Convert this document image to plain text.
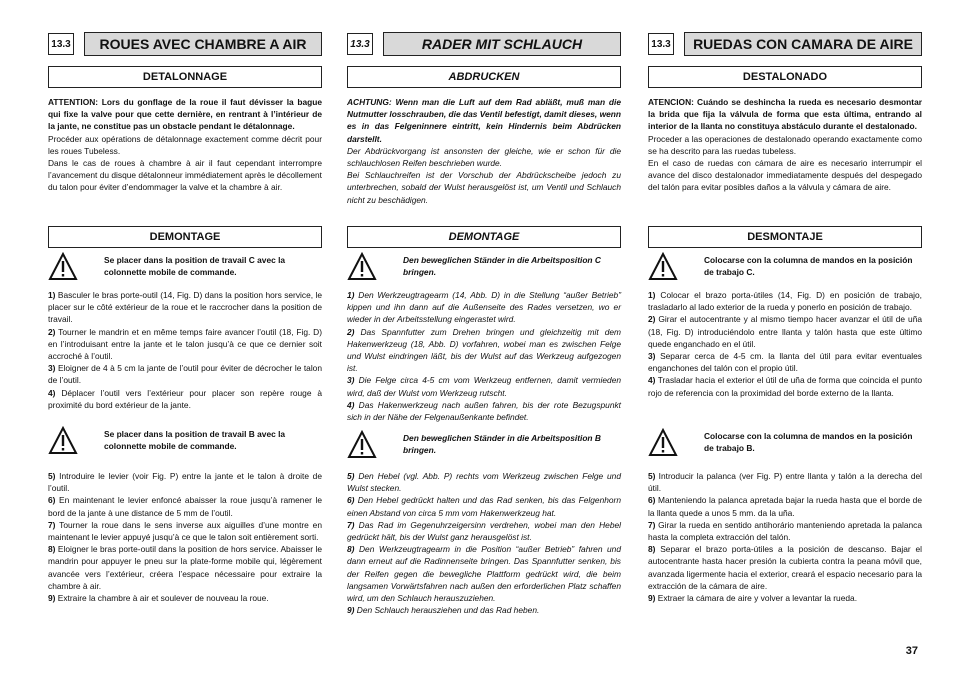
13.3	ROUES AVEC CHAMBRE A AIR
DETALONNAGE

ATTENTION: Lors du gonflage de la roue il faut dévisser la bague qui fixe la valve pour que cette dernière, en rentrant à l’intérieur de la jante, ne constitue pas un obstacle pendant le détalonnage.

Procéder aux opérations de détalonnage exactement comme décrit pour les roues Tubeless.

Dans le cas de roues à chambre à air il faut cependant interrompre l’avancement du disque détalonneur immédiatement après le décollement du talon pour éviter d’endommager la valve et la chambre à air.

DEMONTAGE
Se placer dans la position de travail C avec la colonnette mobile de commande.

1) Basculer le bras porte-outil (14, Fig. D) dans la position hors service, le placer sur le côté extérieur de la roue et le raccrocher dans la position de travail.

2) Tourner le mandrin et en même temps faire avancer l’outil (18, Fig. D) en l’introduisant entre la jante et le talon jusqu’à ce que ce dernier soit accroché à l’outil.

3) Eloigner de 4 à 5 cm la jante de l’outil pour éviter de décrocher le talon de l’outil.

4) Déplacer l’outil vers l’extérieur pour placer son repère rouge à proximité du bord extérieur de la jante.

Se placer dans la position de travail B avec la colonnette mobile de commande.

5) Introduire le levier (voir Fig. P) entre la jante et le talon à droite de l’outil.

6) En maintenant le levier enfoncé abaisser la roue jusqu’à ramener le bord de la jante à une distance de 5 mm de l’outil.

7) Tourner la roue dans le sens inverse aux aiguilles d’une montre en maintenant le levier appuyé jusqu’à ce que le talon soit entièrement sorti.

8) Eloigner le bras porte-outil dans la position de hors service. Abaisser le mandrin pour appuyer le pneu sur la plate-forme mobile qui, légèrement avancée vers l’extérieur, créera l’espace nécessaire pour extraire la chambre à air.

9) Extraire la chambre à air et soulever de nouveau la roue.

13.3	RADER MIT SCHLAUCH
ABDRUCKEN

ACHTUNG: Wenn man die Luft auf dem Rad abläßt, muß man die Nutmutter losschrauben, die das Ventil befestigt, damit dieses, wenn es in das Felgeninnere eintritt, kein Hindernis beim Abdrücken darstellt.

Der Abdrückvorgang ist ansonsten der gleiche, wie er schon für die schlauchlosen Reifen beschrieben wurde.

Bei Schlauchreifen ist der Vorschub der Abdrückscheibe jedoch zu unterbrechen, sobald der Wulst herausgelöst ist, um Ventil und Schlauch nicht zu beschädigen.

DEMONTAGE
Den beweglichen Ständer in die Arbeitsposition C bringen.

1) Den Werkzeugtragearm (14, Abb. D) in die Stellung “außer Betrieb” kippen und ihn dann auf die Außenseite des Rades versetzen, wo er wieder in der Arbeitsstellung eingerastet wird.

2) Das Spannfutter zum Drehen bringen und gleichzeitig mit dem Hakenwerkzeug (18, Abb. D) vorfahren, wobei man es zwischen Felge und Wulst eindringen läßt, bis der Wulst auf das Werkzeug aufgezogen ist.

3) Die Felge circa 4-5 cm vom Werkzeug entfernen, damit vermieden wird, daß der Wulst vom Werkzeug rutscht.

4) Das Hakenwerkzeug nach außen fahren, bis der rote Bezugspunkt sich in der Nähe der Felgenaußenkante befindet.

Den beweglichen Ständer in die Arbeitsposition B bringen.

5) Den Hebel (vgl. Abb. P) rechts vom Werkzeug zwischen Felge und Wulst stecken.

6) Den Hebel gedrückt halten und das Rad senken, bis das Felgenhorn einen Abstand von circa 5 mm vom Hakenwerkzeug hat.

7) Das Rad im Gegenuhrzeigersinn verdrehen, wobei man den Hebel gedrückt hält, bis der Wulst ganz herausgelöst ist.

8) Den Werkzeugtragearm in die Position “außer Betrieb” fahren und dann erneut auf die Radinnenseite bringen. Das Spannfutter senken, bis der Reifen gegen die bewegliche Plattform gedrückt wird, die beim langsamen Vorwärtsfahren nach außen den erforderlichen Platz schaffen wird, um den Schlauch herauszuziehen.

9) Den Schlauch herausziehen und das Rad heben.

13.3	RUEDAS CON CAMARA DE AIRE
DESTALONADO

ATENCION: Cuándo se deshincha la rueda es necesario desmontar la brida que fija la válvula de forma que esta última, entrando al interior de la llanta no constituya abstáculo durante el destalonado.

Proceder a las operaciones de destalonado operando exactamente como se ha descrito para las ruedas tubeless.

En el caso de ruedas con cámara de aire es necesario interrumpir el avance del disco destalonador immediatamente después del despegado del talón para evitar posibles daños a la válvula y cámara de aire.

DESMONTAJE
Colocarse con la columna de mandos en la posición de trabajo C.

1) Colocar el brazo porta-útiles (14, Fig. D) en posición de trabajo, trasladarlo al lado exterior de la rueda y ponerlo en posición de trabajo.

2) Girar el autocentrante y al mismo tiempo hacer avanzar el útil de uña (18, Fig. D) introduciéndolo entre llanta y talón hasta que este último quede enganchado en el útil.

3) Separar cerca de 4-5 cm. la llanta del útil para evitar eventuales enganchones del talón con el propio útil.

4) Trasladar hacia el exterior el útil de uña de forma que coincida el punto rojo de referencia con la proximidad del borde externo de la llanta.

Colocarse con la columna de mandos en la posición de trabajo B.

5) Introducir la palanca (ver Fig. P) entre llanta y talón a la derecha del útil.

6) Manteniendo la palanca apretada bajar la rueda hasta que el borde de la llanta quede a unos 5 mm. da la uña.

7) Girar la rueda en sentido antihorário manteniendo apretada la palanca hasta la completa extracción del talón.

8) Separar el brazo porta-útiles a la posición de descanso. Bajar el autocentrante hasta hacer presión la cubierta contra la peana móvil que, avanzada ligermente hacia el exterior, creará el espacio necesario para la extracción de la cámara de aire.

9) Extraer la cámara de aire y volver a levantar la rueda.

37
